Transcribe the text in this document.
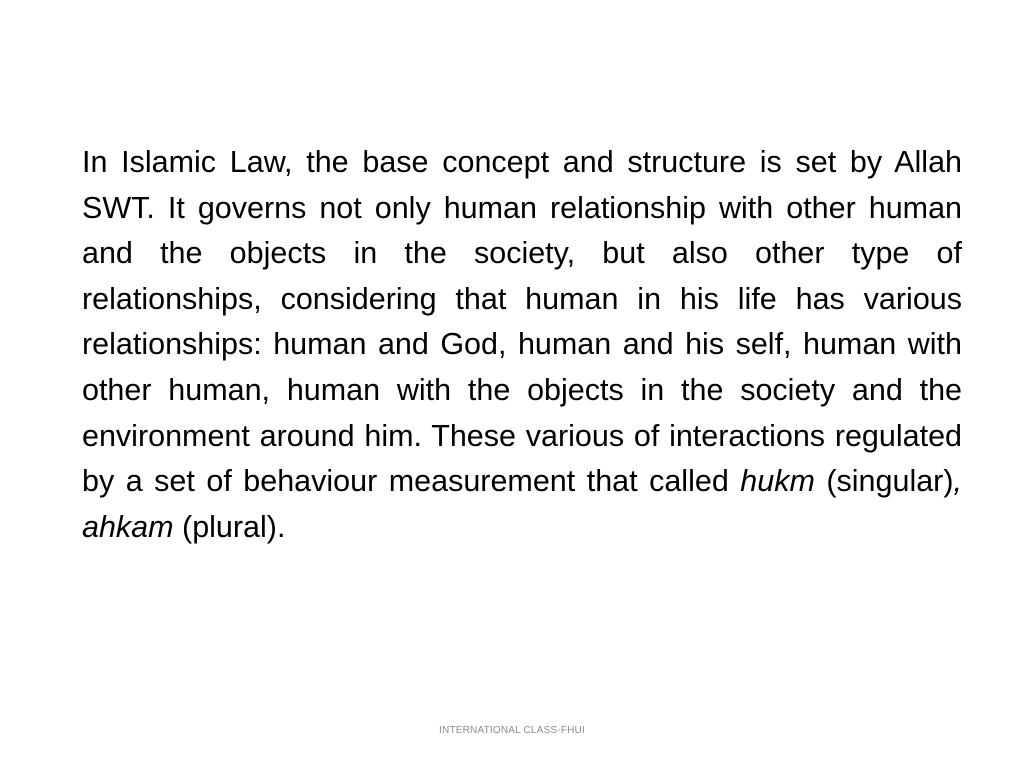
In Islamic Law, the base concept and structure is set by Allah SWT. It governs not only human relationship with other human and the objects in the society, but also other type of relationships, considering that human in his life has various relationships: human and God, human and his self, human with other human, human with the objects in the society and the environment around him. These various of interactions regulated by a set of behaviour measurement that called hukm (singular), ahkam (plural).

INTERNATIONAL CLASS-FHUI
